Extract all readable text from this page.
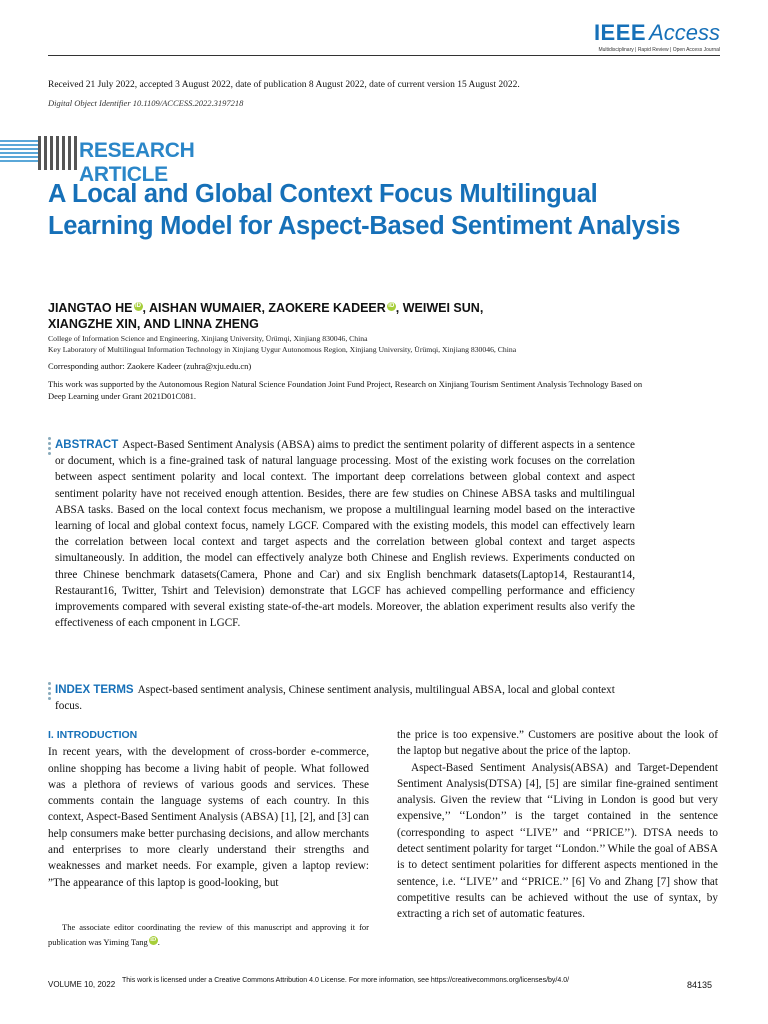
IEEE Access
Multidisciplinary | Rapid Review | Open Access Journal
Received 21 July 2022, accepted 3 August 2022, date of publication 8 August 2022, date of current version 15 August 2022.
Digital Object Identifier 10.1109/ACCESS.2022.3197218
RESEARCH ARTICLE
A Local and Global Context Focus Multilingual Learning Model for Aspect-Based Sentiment Analysis
JIANGTAO HE iD , AISHAN WUMAIER, ZAOKERE KADEER iD , WEIWEI SUN,
XIANGZHE XIN, AND LINNA ZHENG
College of Information Science and Engineering, Xinjiang University, Ürümqi, Xinjiang 830046, China
Key Laboratory of Multilingual Information Technology in Xinjiang Uygur Autonomous Region, Xinjiang University, Ürümqi, Xinjiang 830046, China
Corresponding author: Zaokere Kadeer (zuhra@xju.edu.cn)
This work was supported by the Autonomous Region Natural Science Foundation Joint Fund Project, Research on Xinjiang Tourism Sentiment Analysis Technology Based on Deep Learning under Grant 2021D01C081.
ABSTRACT Aspect-Based Sentiment Analysis (ABSA) aims to predict the sentiment polarity of different aspects in a sentence or document, which is a fine-grained task of natural language processing. Most of the existing work focuses on the correlation between aspect sentiment polarity and local context. The important deep correlations between global context and aspect sentiment polarity have not received enough attention. Besides, there are few studies on Chinese ABSA tasks and multilingual ABSA tasks. Based on the local context focus mechanism, we propose a multilingual learning model based on the interactive learning of local and global context focus, namely LGCF. Compared with the existing models, this model can effectively learn the correlation between local context and target aspects and the correlation between global context and target aspects simultaneously. In addition, the model can effectively analyze both Chinese and English reviews. Experiments conducted on three Chinese benchmark datasets(Camera, Phone and Car) and six English benchmark datasets(Laptop14, Restaurant14, Restaurant16, Twitter, Tshirt and Television) demonstrate that LGCF has achieved compelling performance and efficiency improvements compared with several existing state-of-the-art models. Moreover, the ablation experiment results also verify the effectiveness of each cmponent in LGCF.
INDEX TERMS Aspect-based sentiment analysis, Chinese sentiment analysis, multilingual ABSA, local and global context focus.
I. INTRODUCTION

In recent years, with the development of cross-border e-commerce, online shopping has become a living habit of people. What followed was a plethora of reviews of various goods and services. These comments contain the language systems of each country. In this context, Aspect-Based Sentiment Analysis (ABSA) [1], [2], and [3] can help consumers make better purchasing decisions, and allow merchants and enterprises to more clearly understand their strengths and weaknesses and market needs. For example, given a laptop review: ”The appearance of this laptop is good-looking, but

the price is too expensive.” Customers are positive about the look of the laptop but negative about the price of the laptop.

Aspect-Based Sentiment Analysis(ABSA) and Target-Dependent Sentiment Analysis(DTSA) [4], [5] are similar fine-grained sentiment analysis. Given the review that ‘‘Living in London is good but very expensive,’’ ‘‘London’’ is the target contained in the sentence (corresponding to aspect ‘‘LIVE’’ and ‘‘PRICE’’). DTSA needs to detect sentiment polarity for target ‘‘London.’’ While the goal of ABSA is to detect sentiment polarities for different aspects mentioned in the sentence, i.e. ‘‘LIVE’’ and ‘‘PRICE.’’ [6] Vo and Zhang [7] show that competitive results can be achieved without the use of syntax, by extracting a rich set of automatic features.

The associate editor coordinating the review of this manuscript and approving it for publication was Yiming Tang iD .
VOLUME 10, 2022 This work is licensed under a Creative Commons Attribution 4.0 License. For more information, see https://creativecommons.org/licenses/by/4.0/	84135
